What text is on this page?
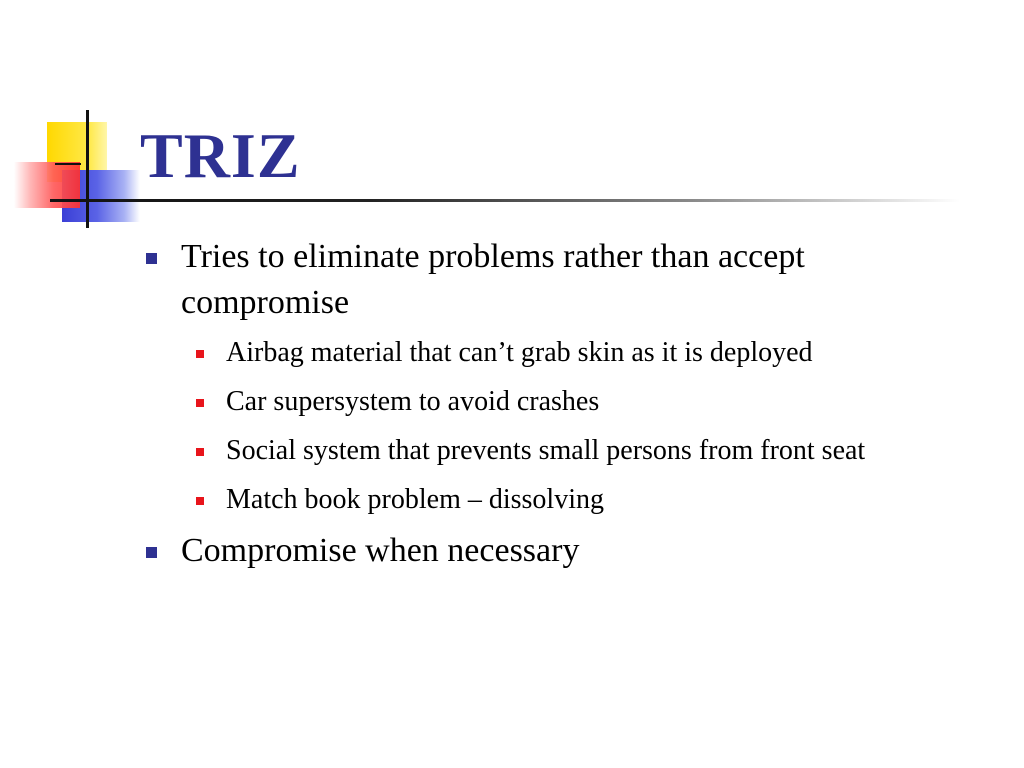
TRIZ
Tries to eliminate problems rather than accept compromise
Airbag material that can’t grab skin as it is deployed
Car supersystem to avoid crashes
Social system that prevents small persons from front seat
Match book problem – dissolving
Compromise when necessary
